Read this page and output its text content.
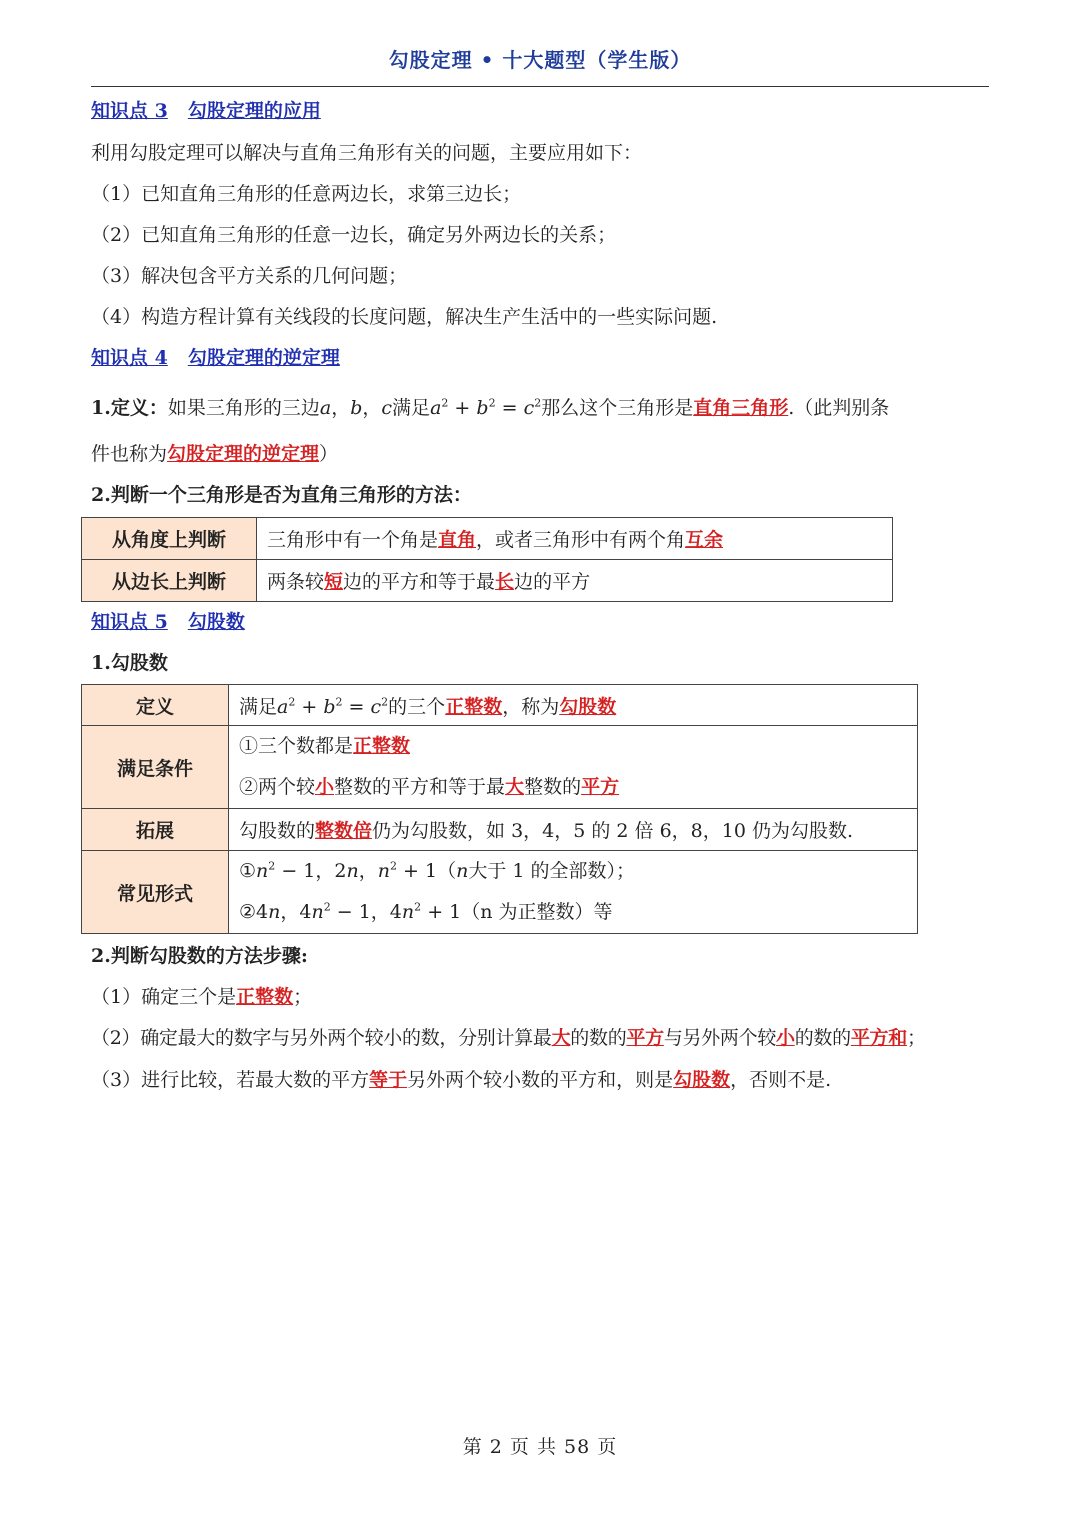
勾股定理 • 十大题型（学生版）
知识点 3 勾股定理的应用
利用勾股定理可以解决与直角三角形有关的问题，主要应用如下：
（1）已知直角三角形的任意两边长，求第三边长；
（2）已知直角三角形的任意一边长，确定另外两边长的关系；
（3）解决包含平方关系的几何问题；
（4）构造方程计算有关线段的长度问题，解决生产生活中的一些实际问题.
知识点 4 勾股定理的逆定理
1.定义：如果三角形的三边a，b，c满足$a^2 + b^2 = c^2$那么这个三角形是直角三角形.（此判别条
件也称为勾股定理的逆定理）
2.判断一个三角形是否为直角三角形的方法：
从角度上判断	三角形中有一个角是直角，或者三角形中有两个角互余
从边长上判断	两条较短边的平方和等于最长边的平方
知识点 5 勾股数
1.勾股数
定义	满足$a^2 + b^2 = c^2$的三个正整数，称为勾股数
满足条件	①三个数都是正整数
②两个较小整数的平方和等于最大整数的平方

拓展	勾股数的整数倍仍为勾股数，如 3，4，5 的 2 倍 6，8，10 仍为勾股数.
常见形式	$①n^2 - 1$，2n，$n^2 + 1(n$大于 1 的全部数）；
②4n，$4n^2 - 1$，$4n^2 + 1(n$ 为正整数）等
2.判断勾股数的方法步骤:
（1）确定三个是正整数；
（2）确定最大的数字与另外两个较小的数，分别计算最大的数的平方与另外两个较小的数的平方和；
（3）进行比较，若最大数的平方等于另外两个较小数的平方和，则是勾股数，否则不是.
第 2 页 共 58 页
